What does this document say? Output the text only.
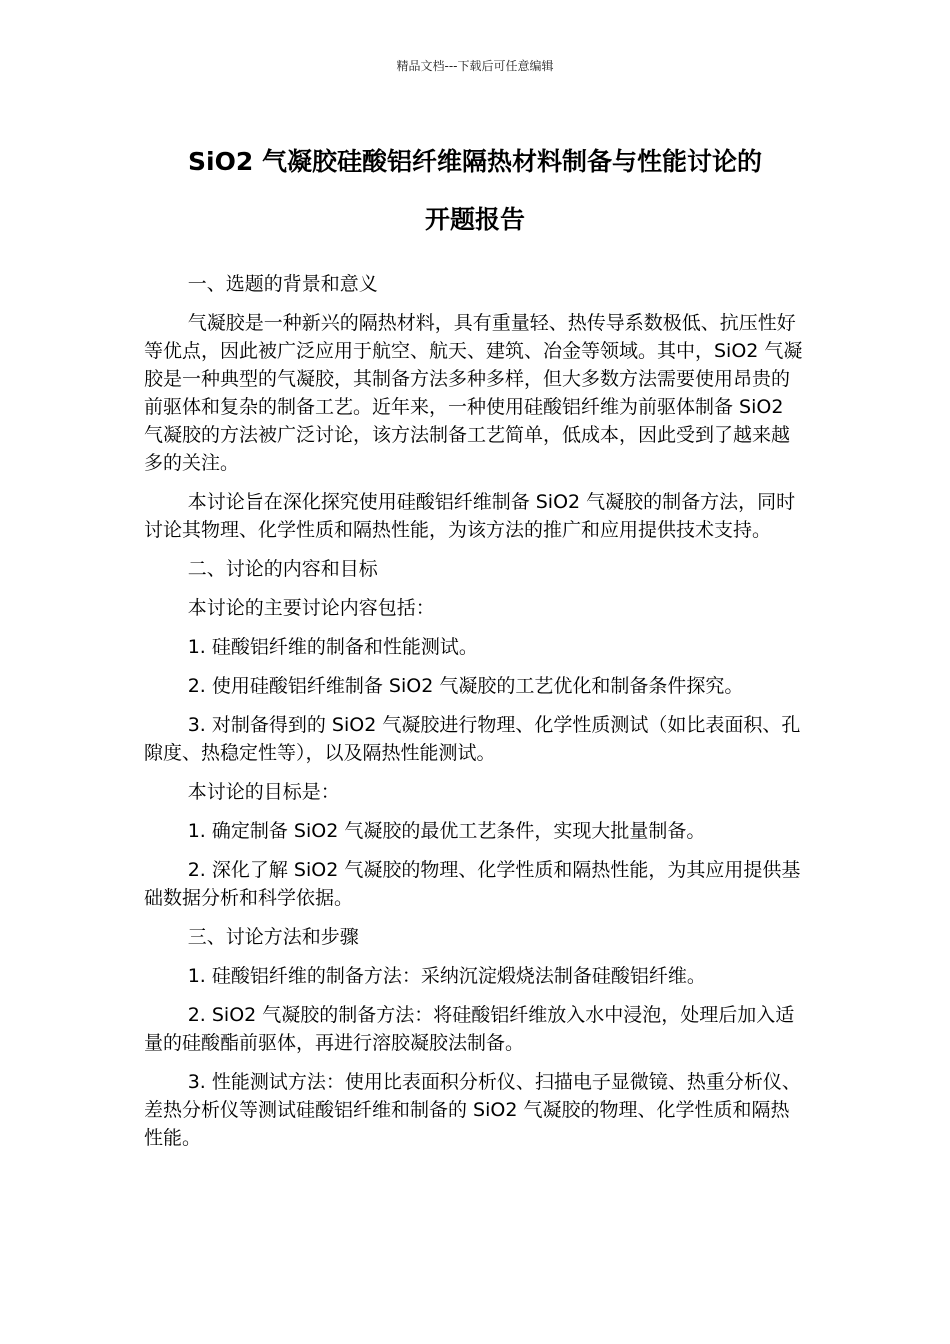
精品文档---下载后可任意编辑
SiO2 气凝胶硅酸铝纤维隔热材料制备与性能讨论的
开题报告

一、选题的背景和意义

气凝胶是一种新兴的隔热材料，具有重量轻、热传导系数极低、抗压性好等优点，因此被广泛应用于航空、航天、建筑、冶金等领域。其中，SiO2 气凝胶是一种典型的气凝胶，其制备方法多种多样，但大多数方法需要使用昂贵的前驱体和复杂的制备工艺。近年来，一种使用硅酸铝纤维为前驱体制备 SiO2 气凝胶的方法被广泛讨论，该方法制备工艺简单，低成本，因此受到了越来越多的关注。

本讨论旨在深化探究使用硅酸铝纤维制备 SiO2 气凝胶的制备方法，同时讨论其物理、化学性质和隔热性能，为该方法的推广和应用提供技术支持。

二、讨论的内容和目标

本讨论的主要讨论内容包括：

1. 硅酸铝纤维的制备和性能测试。

2. 使用硅酸铝纤维制备 SiO2 气凝胶的工艺优化和制备条件探究。

3. 对制备得到的 SiO2 气凝胶进行物理、化学性质测试（如比表面积、孔隙度、热稳定性等），以及隔热性能测试。

本讨论的目标是：

1. 确定制备 SiO2 气凝胶的最优工艺条件，实现大批量制备。

2. 深化了解 SiO2 气凝胶的物理、化学性质和隔热性能，为其应用提供基础数据分析和科学依据。

三、讨论方法和步骤

1. 硅酸铝纤维的制备方法：采纳沉淀煅烧法制备硅酸铝纤维。

2. SiO2 气凝胶的制备方法：将硅酸铝纤维放入水中浸泡，处理后加入适量的硅酸酯前驱体，再进行溶胶凝胶法制备。

3. 性能测试方法：使用比表面积分析仪、扫描电子显微镜、热重分析仪、差热分析仪等测试硅酸铝纤维和制备的 SiO2 气凝胶的物理、化学性质和隔热性能。
